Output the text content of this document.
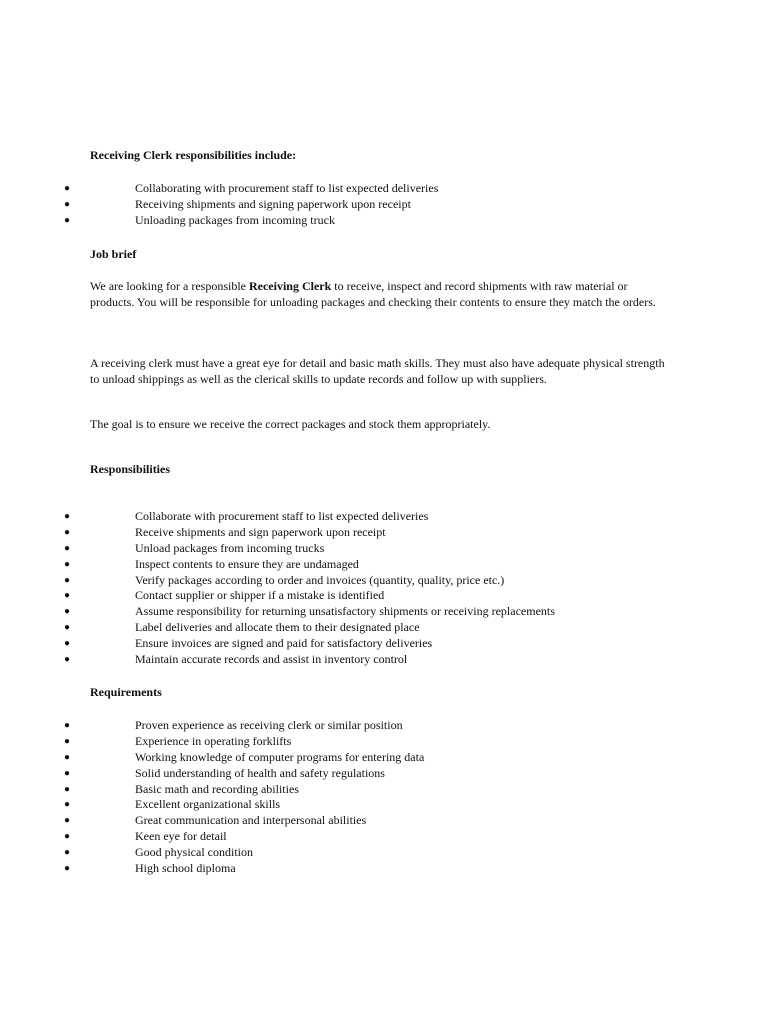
Receiving Clerk responsibilities include:
●	Collaborating with procurement staff to list expected deliveries
●	Receiving shipments and signing paperwork upon receipt
●	Unloading packages from incoming truck
Job brief
We are looking for a responsible Receiving Clerk to receive, inspect and record shipments with raw material or products. You will be responsible for unloading packages and checking their contents to ensure they match the orders.
A receiving clerk must have a great eye for detail and basic math skills. They must also have adequate physical strength to unload shippings as well as the clerical skills to update records and follow up with suppliers.
The goal is to ensure we receive the correct packages and stock them appropriately.
Responsibilities
●	Collaborate with procurement staff to list expected deliveries
●	Receive shipments and sign paperwork upon receipt
●	Unload packages from incoming trucks
●	Inspect contents to ensure they are undamaged
●	Verify packages according to order and invoices (quantity, quality, price etc.)
●	Contact supplier or shipper if a mistake is identified
●	Assume responsibility for returning unsatisfactory shipments or receiving replacements
●	Label deliveries and allocate them to their designated place
●	Ensure invoices are signed and paid for satisfactory deliveries
●	Maintain accurate records and assist in inventory control
Requirements
●	Proven experience as receiving clerk or similar position
●	Experience in operating forklifts
●	Working knowledge of computer programs for entering data
●	Solid understanding of health and safety regulations
●	Basic math and recording abilities
●	Excellent organizational skills
●	Great communication and interpersonal abilities
●	Keen eye for detail
●	Good physical condition
●	High school diploma
